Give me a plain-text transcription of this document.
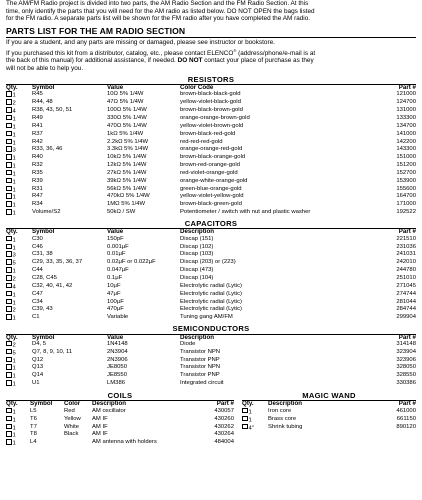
The AM/FM Radio project is divided into two parts, the AM Radio Section and the FM Radio Section. At this

time, only identify the parts that you will need for the AM radio as listed below. DO NOT OPEN the bags listed

for the FM radio. A separate parts list will be shown for the FM radio after you have completed the AM radio.

PARTS LIST FOR THE AM RADIO SECTION
If you are a student, and any parts are missing or damaged, please see instructor or bookstore.
If you purchased this kit from a distributor, catalog, etc., please contact ELENCO® (address/phone/e-mail is at
the back of this manual) for additional assistance, if needed. DO NOT contact your place of purchase as they
will not be able to help you.
RESISTORS
Qty.	Symbol	Value	Color Code	Part #
1	R45	10Ω 5% 1/4W	brown-black-black-gold	121000
2	R44, 48	47Ω 5% 1/4W	yellow-violet-black-gold	124700
4	R38, 43, 50, 51	100Ω 5% 1/4W	brown-black-brown-gold	131000
1	R49	330Ω 5% 1/4W	orange-orange-brown-gold	133300
1	R41	470Ω 5% 1/4W	yellow-violet-brown-gold	134700
1	R37	1kΩ 5% 1/4W	brown-black-red-gold	141000
1	R42	2.2kΩ 5% 1/4W	red-red-red-gold	142200
3	R33, 36, 46	3.3kΩ 5% 1/4W	orange-orange-red-gold	143300
1	R40	10kΩ 5% 1/4W	brown-black-orange-gold	151000
1	R32	12kΩ 5% 1/4W	brown-red-orange-gold	151200
1	R35	27kΩ 5% 1/4W	red-violet-orange-gold	152700
1	R39	39kΩ 5% 1/4W	orange-white-orange-gold	153900
1	R31	56kΩ 5% 1/4W	green-blue-orange-gold	155600
1	R47	470kΩ 5% 1/4W	yellow-violet-yellow-gold	164700
1	R34	1MΩ 5% 1/4W	brown-black-green-gold	171000
1	Volume/S2	50kΩ / SW	Potentiometer / switch with nut and plastic washer	192522
CAPACITORS
Qty.	Symbol	Value	Description	Part #
1	C30	150pF	Discap (151)	221510
1	C46	0.001μF	Discap (102)	231036
3	C31, 38	0.01μF	Discap (103)	241031
5	C29, 33, 35, 36, 37	0.02μF or 0.022μF	Discap (203) or (223)	242010
1	C44	0.047μF	Discap (473)	244780
2	C28, C45	0.1μF	Discap (104)	251010
4	C32, 40, 41, 42	10μF	Electrolytic radial (Lytic)	271045
1	C47	47μF	Electrolytic radial (Lytic)	274744
1	C34	100μF	Electrolytic radial (Lytic)	281044
2	C39, 43	470μF	Electrolytic radial (Lytic)	284744
1	C1	Variable	Tuning gang AM/FM	299904
SEMICONDUCTORS
Qty.	Symbol	Value	Description	Part #
2	D4, 5	1N4148	Diode	314148
5	Q7, 8, 9, 10, 11	2N3904	Transistor NPN	323904
1	Q12	2N3906	Transistor PNP	323906
1	Q13	JE8050	Transistor NPN	328050
1	Q14	JE8550	Transistor PNP	328550
1	U1	LM386	Integrated circuit	330386
COILS
Qty.	Symbol	Color	Description	Part #
1	L5	Red	AM oscillator	430057
1	T6	Yellow	AM IF	430260
1	T7	White	AM IF	430262
1	T8	Black	AM IF	430264
1	L4		AM antenna with holders	484004
MAGIC WAND
Qty.	Description	Part #
1	Iron core	461000
1	Brass core	661150
4"	Shrink tubing	890120
